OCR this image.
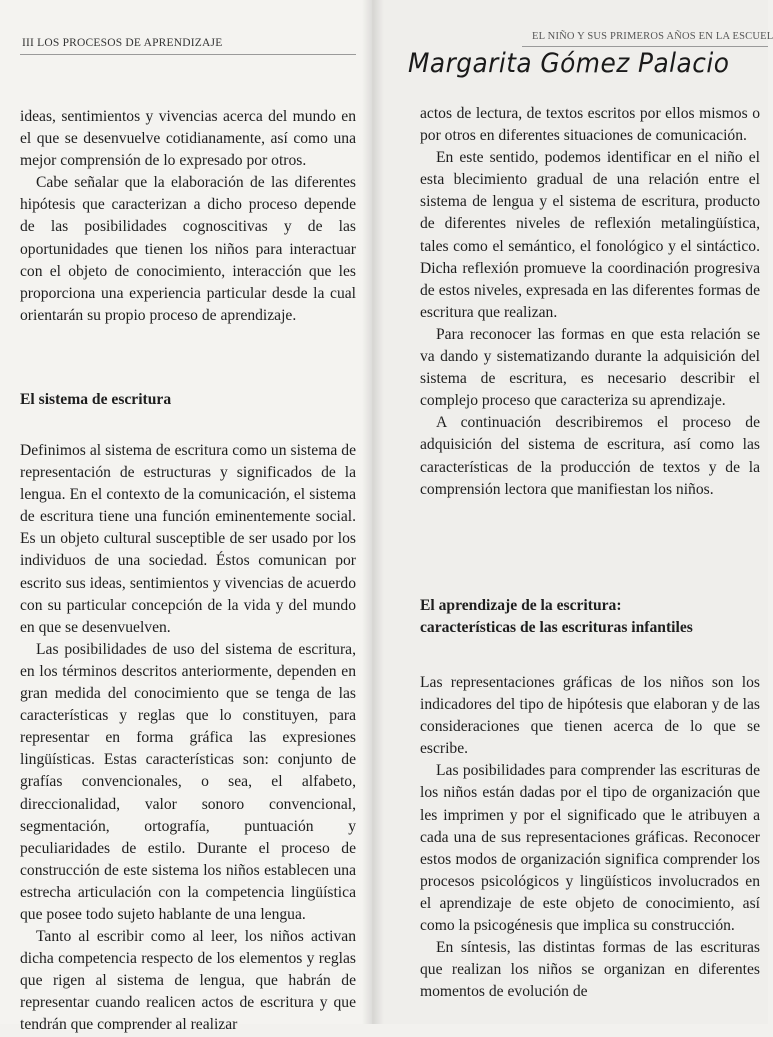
III LOS PROCESOS DE APRENDIZAJE

ideas, sentimientos y vivencias acerca del mundo en el que se desenvuelve cotidianamente, así como una mejor comprensión de lo expresado por otros.

Cabe señalar que la elaboración de las diferentes hipótesis que caracterizan a dicho proceso depende de las posibilidades cognoscitivas y de las oportunidades que tienen los niños para interactuar con el objeto de conocimiento, interacción que les proporciona una experiencia particular desde la cual orientarán su propio proceso de aprendizaje.

El sistema de escritura

Definimos al sistema de escritura como un sistema de representación de estructuras y significados de la lengua. En el contexto de la comunicación, el sistema de escritura tiene una función eminentemente social. Es un objeto cultural susceptible de ser usado por los individuos de una sociedad. Éstos comunican por escrito sus ideas, sentimientos y vivencias de acuerdo con su particular concepción de la vida y del mundo en que se desenvuelven.

Las posibilidades de uso del sistema de escritura, en los términos descritos anteriormente, dependen en gran medida del conocimiento que se tenga de las características y reglas que lo constituyen, para representar en forma gráfica las expresiones lingüísticas. Estas características son: conjunto de grafías convencionales, o sea, el alfabeto, direccionalidad, valor sonoro convencional, segmentación, ortografía, puntuación y peculiaridades de estilo. Durante el proceso de construcción de este sistema los niños establecen una estrecha articulación con la competencia lingüística que posee todo sujeto hablante de una lengua.

Tanto al escribir como al leer, los niños activan dicha competencia respecto de los elementos y reglas que rigen al sistema de lengua, que habrán de representar cuando realicen actos de escritura y que tendrán que comprender al realizar

EL NIÑO Y SUS PRIMEROS AÑOS EN LA ESCUEL
Margarita Gómez Palacio

actos de lectura, de textos escritos por ellos mismos o por otros en diferentes situaciones de comunicación.

En este sentido, podemos identificar en el niño el esta blecimiento gradual de una relación entre el sistema de lengua y el sistema de escritura, producto de diferentes niveles de reflexión metalingüística, tales como el semántico, el fonológico y el sintáctico. Dicha reflexión promueve la coordinación progresiva de estos niveles, expresada en las diferentes formas de escritura que realizan.

Para reconocer las formas en que esta relación se va dando y sistematizando durante la adquisición del sistema de escritura, es necesario describir el complejo proceso que caracteriza su aprendizaje.

A continuación describiremos el proceso de adquisición del sistema de escritura, así como las características de la producción de textos y de la comprensión lectora que manifiestan los niños.

El aprendizaje de la escritura:

características de las escrituras infantiles

Las representaciones gráficas de los niños son los indicadores del tipo de hipótesis que elaboran y de las consideraciones que tienen acerca de lo que se escribe.

Las posibilidades para comprender las escrituras de los niños están dadas por el tipo de organización que les imprimen y por el significado que le atribuyen a cada una de sus representaciones gráficas. Reconocer estos modos de organización significa comprender los procesos psicológicos y lingüísticos involucrados en el aprendizaje de este objeto de conocimiento, así como la psicogénesis que implica su construcción.

En síntesis, las distintas formas de las escrituras que realizan los niños se organizan en diferentes momentos de evolución de
